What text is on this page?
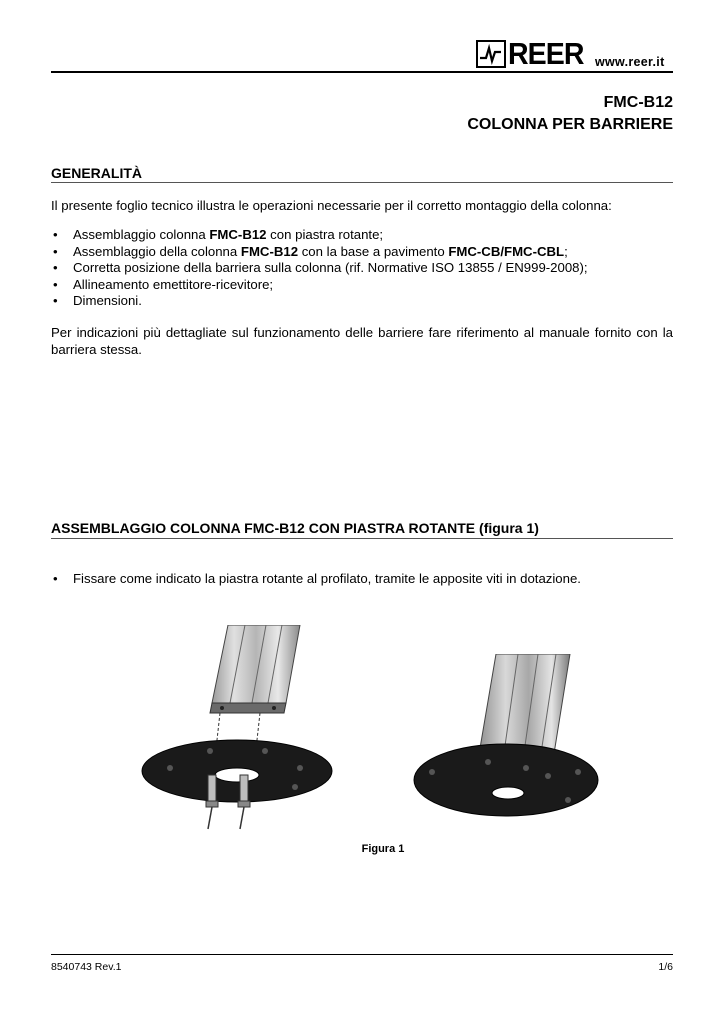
REER www.reer.it
FMC-B12
COLONNA PER BARRIERE
GENERALITÀ
Il presente foglio tecnico illustra le operazioni necessarie per il corretto montaggio della colonna:
• Assemblaggio colonna FMC-B12 con piastra rotante;
• Assemblaggio della colonna FMC-B12 con la base a pavimento FMC-CB/FMC-CBL;
• Corretta posizione della barriera sulla colonna (rif. Normative ISO 13855 / EN999-2008);
• Allineamento emettitore-ricevitore;
• Dimensioni.
Per indicazioni più dettagliate sul funzionamento delle barriere fare riferimento al manuale fornito con la barriera stessa.
ASSEMBLAGGIO COLONNA FMC-B12 CON PIASTRA ROTANTE (figura 1)
• Fissare come indicato la piastra rotante al profilato, tramite le apposite viti in dotazione.
Figura 1
8540743 Rev.1	1/6
